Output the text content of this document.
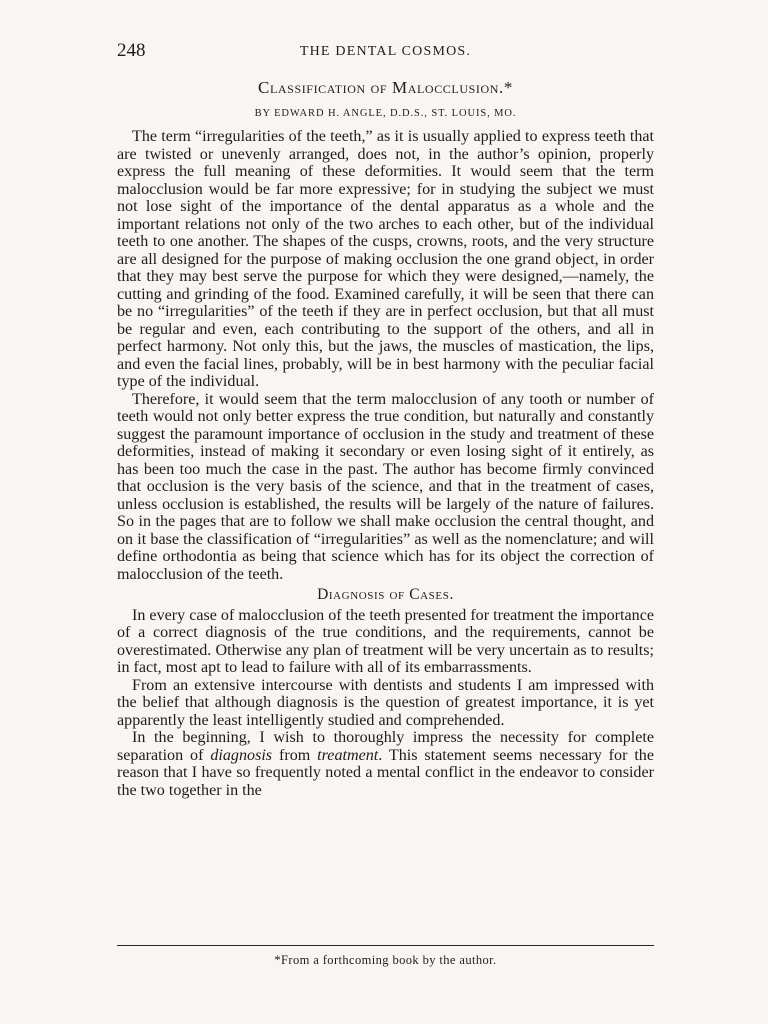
248	THE DENTAL COSMOS.
Classification of Malocclusion.*
BY EDWARD H. ANGLE, D.D.S., ST. LOUIS, MO.

The term “irregularities of the teeth,” as it is usually applied to express teeth that are twisted or unevenly arranged, does not, in the author’s opinion, properly express the full meaning of these deformities. It would seem that the term malocclusion would be far more expressive; for in studying the subject we must not lose sight of the importance of the dental apparatus as a whole and the important relations not only of the two arches to each other, but of the individual teeth to one another. The shapes of the cusps, crowns, roots, and the very structure are all designed for the purpose of making occlusion the one grand object, in order that they may best serve the purpose for which they were designed,—namely, the cutting and grinding of the food. Examined carefully, it will be seen that there can be no “irregularities” of the teeth if they are in perfect occlusion, but that all must be regular and even, each contributing to the support of the others, and all in perfect harmony. Not only this, but the jaws, the muscles of mastication, the lips, and even the facial lines, probably, will be in best harmony with the peculiar facial type of the individual.

Therefore, it would seem that the term malocclusion of any tooth or number of teeth would not only better express the true condition, but naturally and constantly suggest the paramount importance of occlusion in the study and treatment of these deformities, instead of making it secondary or even losing sight of it entirely, as has been too much the case in the past. The author has become firmly convinced that occlusion is the very basis of the science, and that in the treatment of cases, unless occlusion is established, the results will be largely of the nature of failures. So in the pages that are to follow we shall make occlusion the central thought, and on it base the classification of “irregularities” as well as the nomenclature; and will define orthodontia as being that science which has for its object the correction of malocclusion of the teeth.

Diagnosis of Cases.

In every case of malocclusion of the teeth presented for treatment the importance of a correct diagnosis of the true conditions, and the requirements, cannot be overestimated. Otherwise any plan of treatment will be very uncertain as to results; in fact, most apt to lead to failure with all of its embarrassments.

From an extensive intercourse with dentists and students I am impressed with the belief that although diagnosis is the question of greatest importance, it is yet apparently the least intelligently studied and comprehended.

In the beginning, I wish to thoroughly impress the necessity for complete separation of diagnosis from treatment. This statement seems necessary for the reason that I have so frequently noted a mental conflict in the endeavor to consider the two together in the

*From a forthcoming book by the author.
